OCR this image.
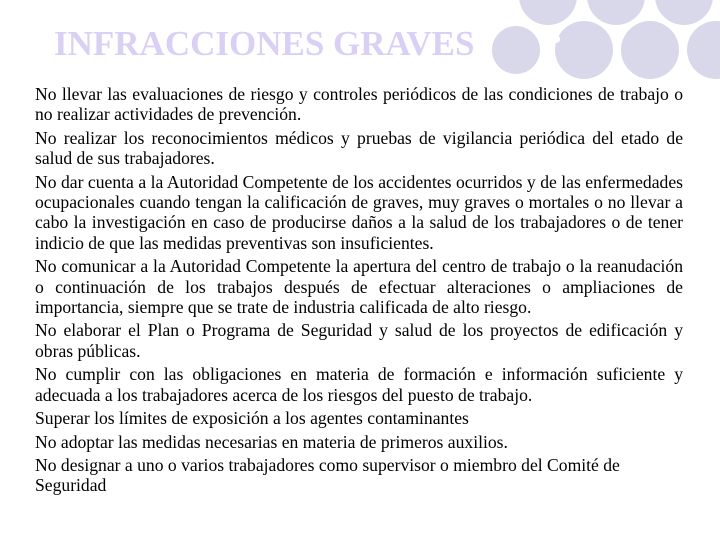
INFRACCIONES GRAVES

No llevar las evaluaciones de riesgo y controles periódicos de las condiciones de trabajo o no realizar actividades de prevención.

No realizar los reconocimientos médicos y pruebas de vigilancia periódica del etado de salud de sus trabajadores.

No dar cuenta a la Autoridad Competente de los accidentes ocurridos y de las enfermedades ocupacionales cuando tengan la calificación de graves, muy graves o mortales o no llevar a cabo la investigación en caso de producirse daños a la salud de los trabajadores o de tener indicio de que las medidas preventivas son insuficientes.

No comunicar a la Autoridad Competente la apertura del centro de trabajo o la reanudación o continuación de los trabajos después de efectuar alteraciones o ampliaciones de importancia, siempre que se trate de industria calificada de alto riesgo.

No elaborar el Plan o Programa de Seguridad y salud de los proyectos de edificación y obras públicas.

No cumplir con las obligaciones en materia de formación e información suficiente y adecuada a los trabajadores acerca de los riesgos del puesto de trabajo.

Superar los límites de exposición a los agentes contaminantes

No adoptar las medidas necesarias en materia de primeros auxilios.

No designar a uno o varios trabajadores como supervisor o miembro del Comité de Seguridad
